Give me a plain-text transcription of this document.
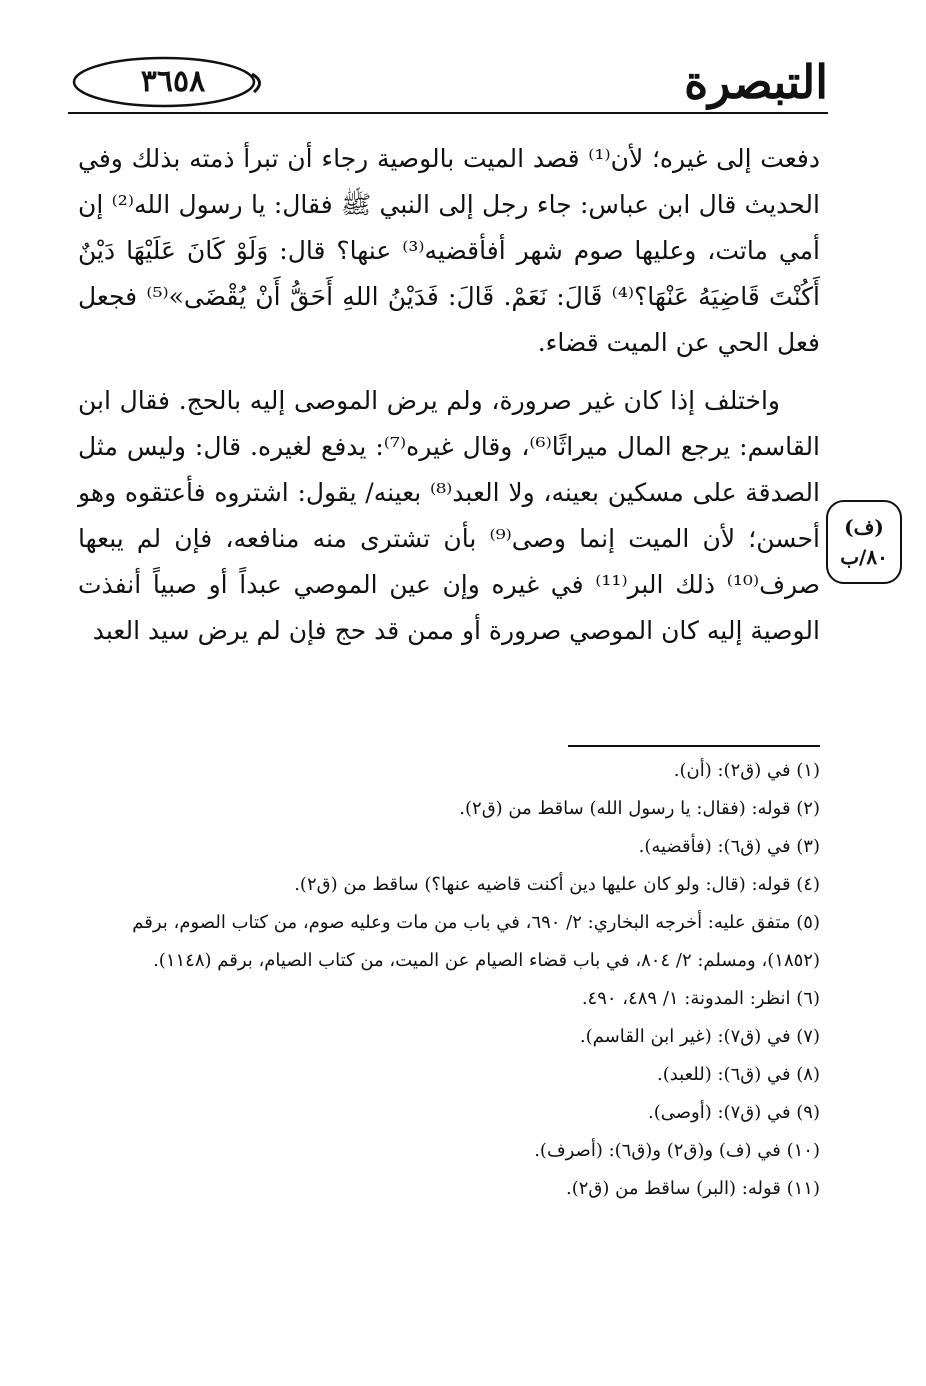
٣٦٥٨	التبصرة

دفعت إلى غيره؛ لأن⁽¹⁾ قصد الميت بالوصية رجاء أن تبرأ ذمته بذلك وفي الحديث قال ابن عباس: جاء رجل إلى النبي ﷺ فقال: يا رسول الله⁽²⁾ إن أمي ماتت، وعليها صوم شهر أفأقضيه⁽³⁾ عنها؟ قال: وَلَوْ كَانَ عَلَيْهَا دَيْنٌ أَكُنْتَ قَاضِيَهُ عَنْهَا؟⁽⁴⁾ قَالَ: نَعَمْ. قَالَ: فَدَيْنُ اللهِ أَحَقُّ أَنْ يُقْضَى»⁽⁵⁾ فجعل فعل الحي عن الميت قضاء.

واختلف إذا كان غير صرورة، ولم يرض الموصى إليه بالحج. فقال ابن القاسم: يرجع المال ميراثًا⁽⁶⁾، وقال غيره⁽⁷⁾: يدفع لغيره. قال: وليس مثل الصدقة على مسكين بعينه، ولا العبد⁽⁸⁾ بعينه/ يقول: اشتروه فأعتقوه وهو أحسن؛ لأن الميت إنما وصى⁽⁹⁾ بأن تشترى منه منافعه، فإن لم يبعها صرف⁽¹⁰⁾ ذلك البر⁽¹¹⁾ في غيره وإن عين الموصي عبداً أو صبياً أنفذت الوصية إليه كان الموصي صرورة أو ممن قد حج فإن لم يرض سيد العبد

(ف)
٨٠/ب

(١) في (ق٢): (أن).

(٢) قوله: (فقال: يا رسول الله) ساقط من (ق٢).

(٣) في (ق٦): (فأقضيه).

(٤) قوله: (قال: ولو كان عليها دين أكنت قاضيه عنها؟) ساقط من (ق٢).

(٥) متفق عليه: أخرجه البخاري: ٢/ ٦٩٠، في باب من مات وعليه صوم، من كتاب الصوم، برقم (١٨٥٢)، ومسلم: ٢/ ٨٠٤، في باب قضاء الصيام عن الميت، من كتاب الصيام، برقم (١١٤٨).

(٦) انظر: المدونة: ١/ ٤٨٩، ٤٩٠.

(٧) في (ق٧): (غير ابن القاسم).

(٨) في (ق٦): (للعبد).

(٩) في (ق٧): (أوصى).

(١٠) في (ف) و(ق٢) و(ق٦): (أصرف).

(١١) قوله: (البر) ساقط من (ق٢).
